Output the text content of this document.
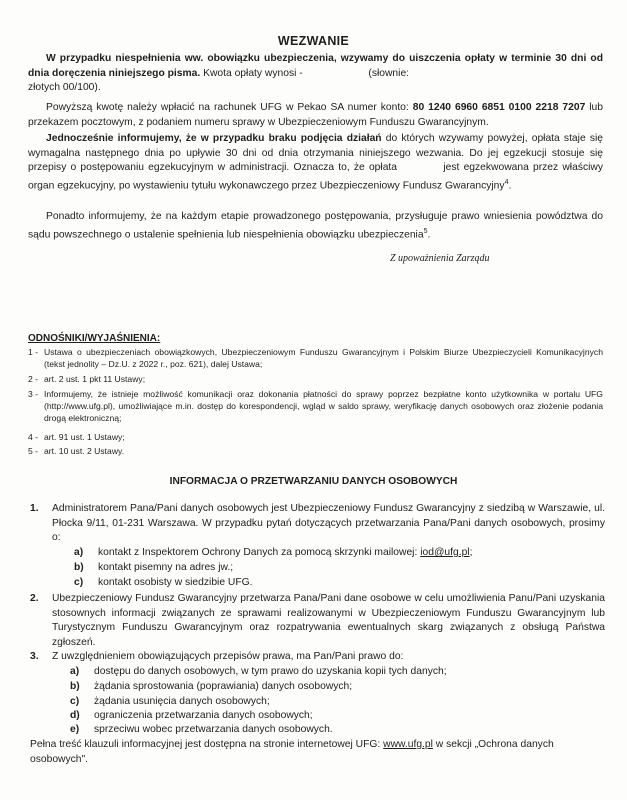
WEZWANIE

W przypadku niespełnienia ww. obowiązku ubezpieczenia, wzywamy do uiszczenia opłaty w terminie 30 dni od dnia doręczenia niniejszego pisma. Kwota opłaty wynosi -	(słownie:
złotych 00/100).

Powyższą kwotę należy wpłacić na rachunek UFG w Pekao SA numer konto: 80 1240 6960 6851 0100 2218 7207 lub przekazem pocztowym, z podaniem numeru sprawy w Ubezpieczeniowym Funduszu Gwarancyjnym.

Jednocześnie informujemy, że w przypadku braku podjęcia działań do których wzywamy powyżej, opłata staje się wymagalna następnego dnia po upływie 30 dni od dnia otrzymania niniejszego wezwania. Do jej egzekucji stosuje się przepisy o postępowaniu egzekucyjnym w administracji. Oznacza to, że opłata	jest egzekwowana przez właściwy organ egzekucyjny, po wystawieniu tytułu wykonawczego przez Ubezpieczeniowy Fundusz Gwarancyjny$^4$.

Ponadto informujemy, że na każdym etapie prowadzonego postępowania, przysługuje prawo wniesienia powództwa do sądu powszechnego o ustalenie spełnienia lub niespełnienia obowiązku ubezpieczenia$^5$.

Z upoważnienia Zarządu
ODNOŚNIKI/WYJAŚNIENIA:
1 - Ustawa o ubezpieczeniach obowiązkowych, Ubezpieczeniowym Funduszu Gwarancyjnym i Polskim Biurze Ubezpieczycieli Komunikacyjnych (tekst jednolity – Dz.U. z 2022 r., poz. 621), dalej Ustawa;
2 - art. 2 ust. 1 pkt 11 Ustawy;
3 - Informujemy, że istnieje możliwość komunikacji oraz dokonania płatności do sprawy poprzez bezpłatne konto użytkownika w portalu UFG (http://www.ufg.pl), umożliwiające m.in. dostęp do korespondencji, wgląd w saldo sprawy, weryfikację danych osobowych oraz złożenie podania drogą elektroniczną;
4 - art. 91 ust. 1 Ustawy;
5 - art. 10 ust. 2 Ustawy.
INFORMACJA O PRZETWARZANIU DANYCH OSOBOWYCH
1. Administratorem Pana/Pani danych osobowych jest Ubezpieczeniowy Fundusz Gwarancyjny z siedzibą w Warszawie, ul. Płocka 9/11, 01-231 Warszawa. W przypadku pytań dotyczących przetwarzania Pana/Pani danych osobowych, prosimy o:
a) kontakt z Inspektorem Ochrony Danych za pomocą skrzynki mailowej: iod@ufg.pl;
b) kontakt pisemny na adres jw.;
c) kontakt osobisty w siedzibie UFG.
2. Ubezpieczeniowy Fundusz Gwarancyjny przetwarza Pana/Pani dane osobowe w celu umożliwienia Panu/Pani uzyskania stosownych informacji związanych ze sprawami realizowanymi w Ubezpieczeniowym Funduszu Gwarancyjnym lub Turystycznym Funduszu Gwarancyjnym oraz rozpatrywania ewentualnych skarg związanych z obsługą Państwa zgłoszeń.
3. Z uwzględnieniem obowiązujących przepisów prawa, ma Pan/Pani prawo do:
a) dostępu do danych osobowych, w tym prawo do uzyskania kopii tych danych;
b) żądania sprostowania (poprawiania) danych osobowych;
c) żądania usunięcia danych osobowych;
d) ograniczenia przetwarzania danych osobowych;
e) sprzeciwu wobec przetwarzania danych osobowych.
Pełna treść klauzuli informacyjnej jest dostępna na stronie internetowej UFG: www.ufg.pl w sekcji „Ochrona danych osobowych".
